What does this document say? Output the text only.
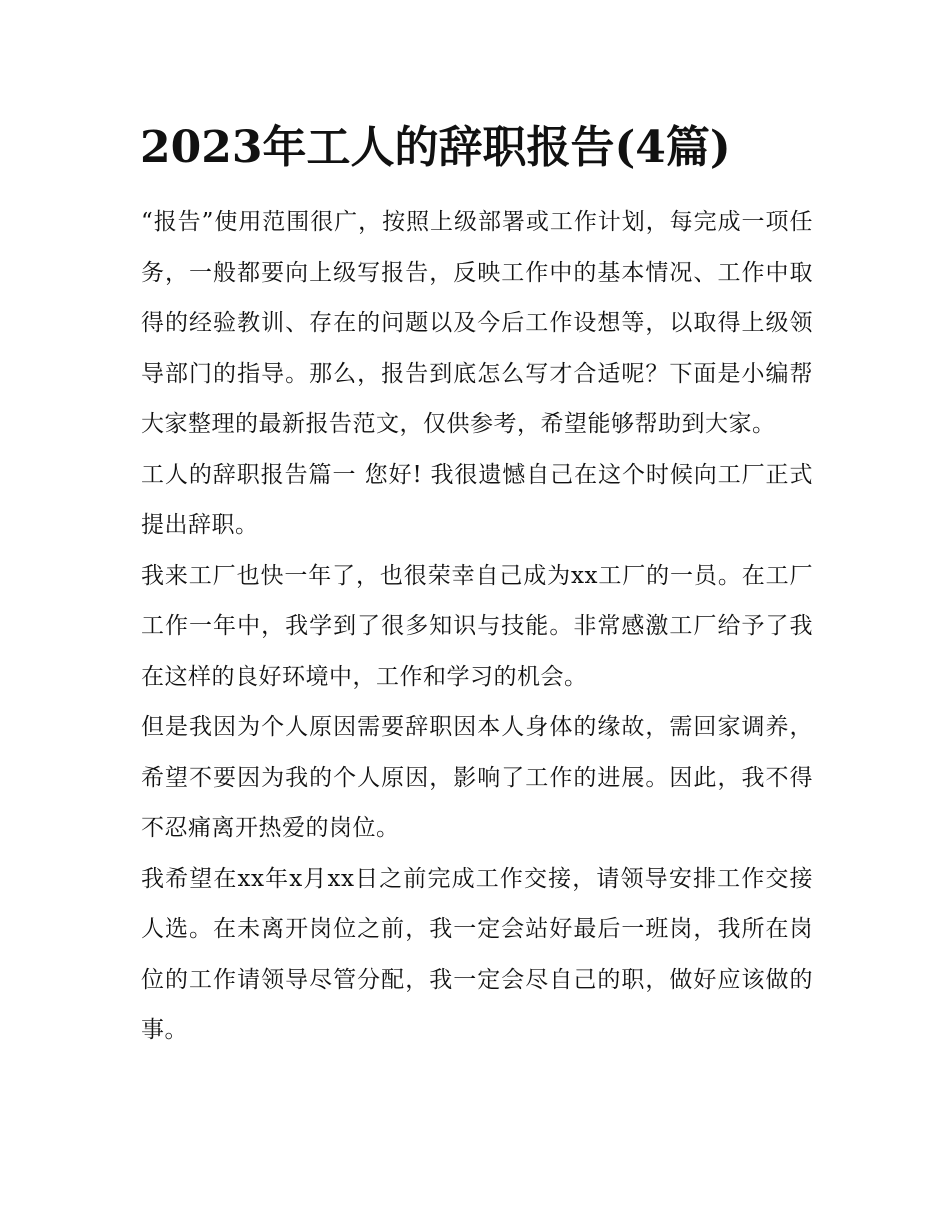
2023年工人的辞职报告(4篇)

“报告”使用范围很广，按照上级部署或工作计划，每完成一项任务，一般都要向上级写报告，反映工作中的基本情况、工作中取得的经验教训、存在的问题以及今后工作设想等，以取得上级领导部门的指导。那么，报告到底怎么写才合适呢？下面是小编帮大家整理的最新报告范文，仅供参考，希望能够帮助到大家。

工人的辞职报告篇一 您好! 我很遗憾自己在这个时候向工厂正式提出辞职。

我来工厂也快一年了，也很荣幸自己成为xx工厂的一员。在工厂工作一年中，我学到了很多知识与技能。非常感激工厂给予了我在这样的良好环境中，工作和学习的机会。

但是我因为个人原因需要辞职因本人身体的缘故，需回家调养，希望不要因为我的个人原因，影响了工作的进展。因此，我不得不忍痛离开热爱的岗位。

我希望在xx年x月xx日之前完成工作交接，请领导安排工作交接人选。在未离开岗位之前，我一定会站好最后一班岗，我所在岗位的工作请领导尽管分配，我一定会尽自己的职，做好应该做的事。
